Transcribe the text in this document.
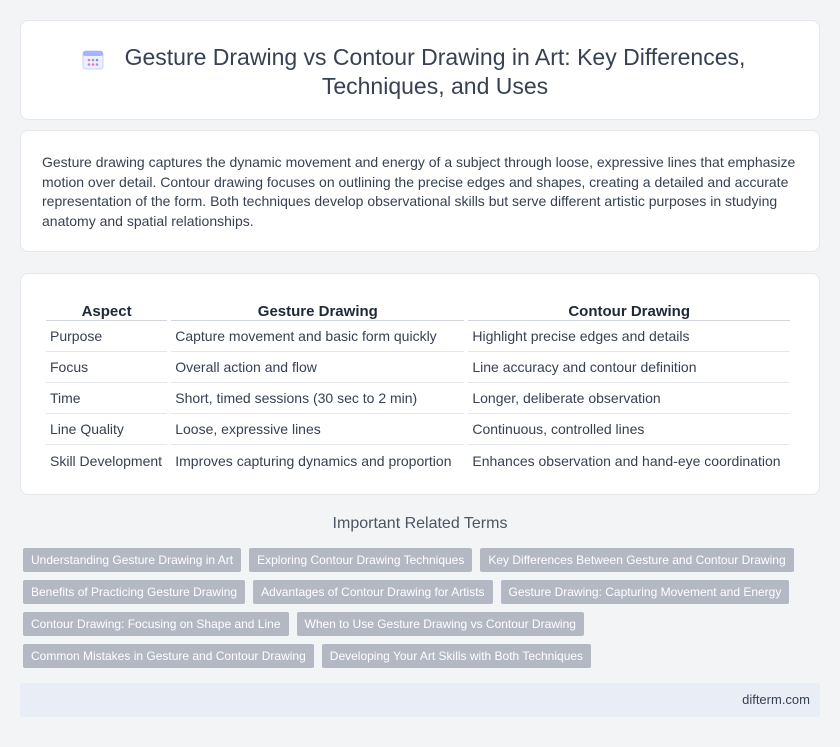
Gesture Drawing vs Contour Drawing in Art: Key Differences, Techniques, and Uses

Gesture drawing captures the dynamic movement and energy of a subject through loose, expressive lines that emphasize motion over detail. Contour drawing focuses on outlining the precise edges and shapes, creating a detailed and accurate representation of the form. Both techniques develop observational skills but serve different artistic purposes in studying anatomy and spatial relationships.

Aspect	Gesture Drawing	Contour Drawing
Purpose	Capture movement and basic form quickly	Highlight precise edges and details
Focus	Overall action and flow	Line accuracy and contour definition
Time	Short, timed sessions (30 sec to 2 min)	Longer, deliberate observation
Line Quality	Loose, expressive lines	Continuous, controlled lines
Skill Development	Improves capturing dynamics and proportion	Enhances observation and hand-eye coordination
Important Related Terms
Understanding Gesture Drawing in Art	Exploring Contour Drawing Techniques	Key Differences Between Gesture and Contour Drawing
Benefits of Practicing Gesture Drawing	Advantages of Contour Drawing for Artists	Gesture Drawing: Capturing Movement and Energy
Contour Drawing: Focusing on Shape and Line	When to Use Gesture Drawing vs Contour Drawing
Common Mistakes in Gesture and Contour Drawing	Developing Your Art Skills with Both Techniques
difterm.com
